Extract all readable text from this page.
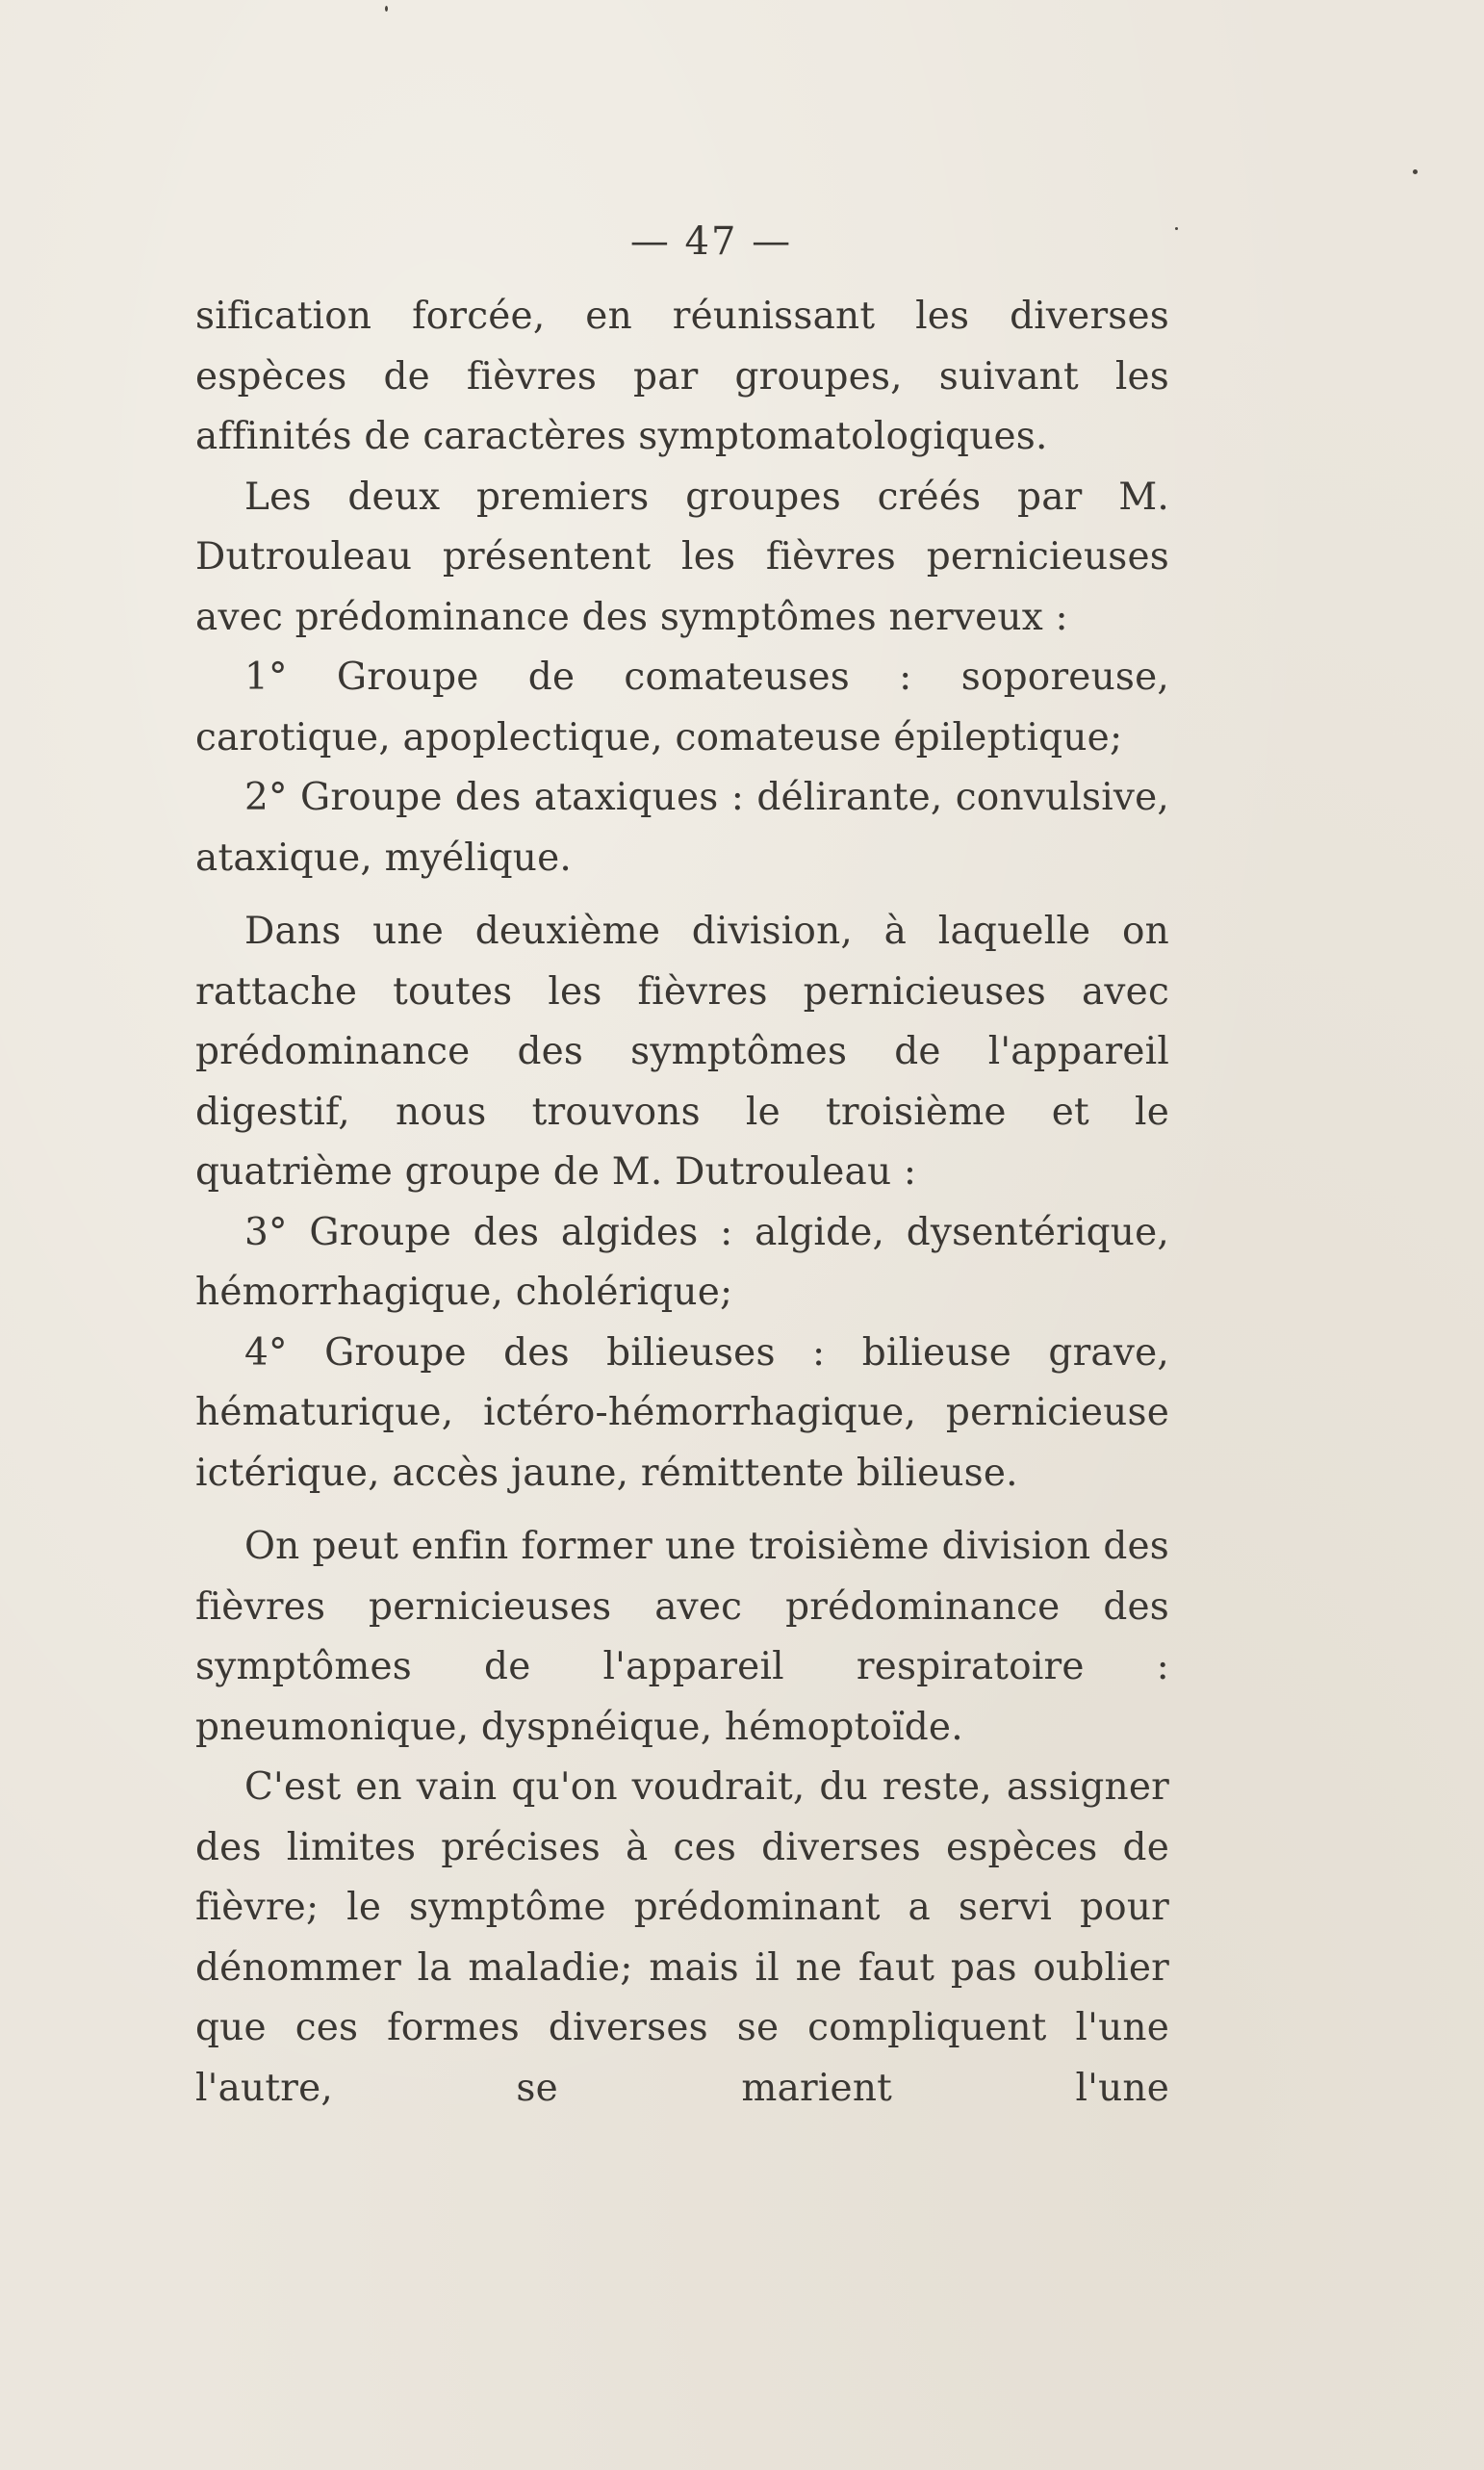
— 47 —

sification forcée, en réunissant les diverses espèces de fièvres par groupes, suivant les affinités de caractères symptomatologiques.

Les deux premiers groupes créés par M. Dutrouleau présentent les fièvres pernicieuses avec prédominance des symptômes nerveux :

1° Groupe de comateuses : soporeuse, carotique, apoplectique, comateuse épileptique;

2° Groupe des ataxiques : délirante, convulsive, ataxique, myélique.

Dans une deuxième division, à laquelle on rattache toutes les fièvres pernicieuses avec prédominance des symptômes de l'appareil digestif, nous trouvons le troisième et le quatrième groupe de M. Dutrouleau :

3° Groupe des algides : algide, dysentérique, hémorrhagique, cholérique;

4° Groupe des bilieuses : bilieuse grave, hématurique, ictéro-hémorrhagique, pernicieuse ictérique, accès jaune, rémittente bilieuse.

On peut enfin former une troisième division des fièvres pernicieuses avec prédominance des symptômes de l'appareil respiratoire : pneumonique, dyspnéique, hémoptoïde.

C'est en vain qu'on voudrait, du reste, assigner des limites précises à ces diverses espèces de fièvre; le symptôme prédominant a servi pour dénommer la maladie; mais il ne faut pas oublier que ces formes diverses se compliquent l'une l'autre, se marient l'une
